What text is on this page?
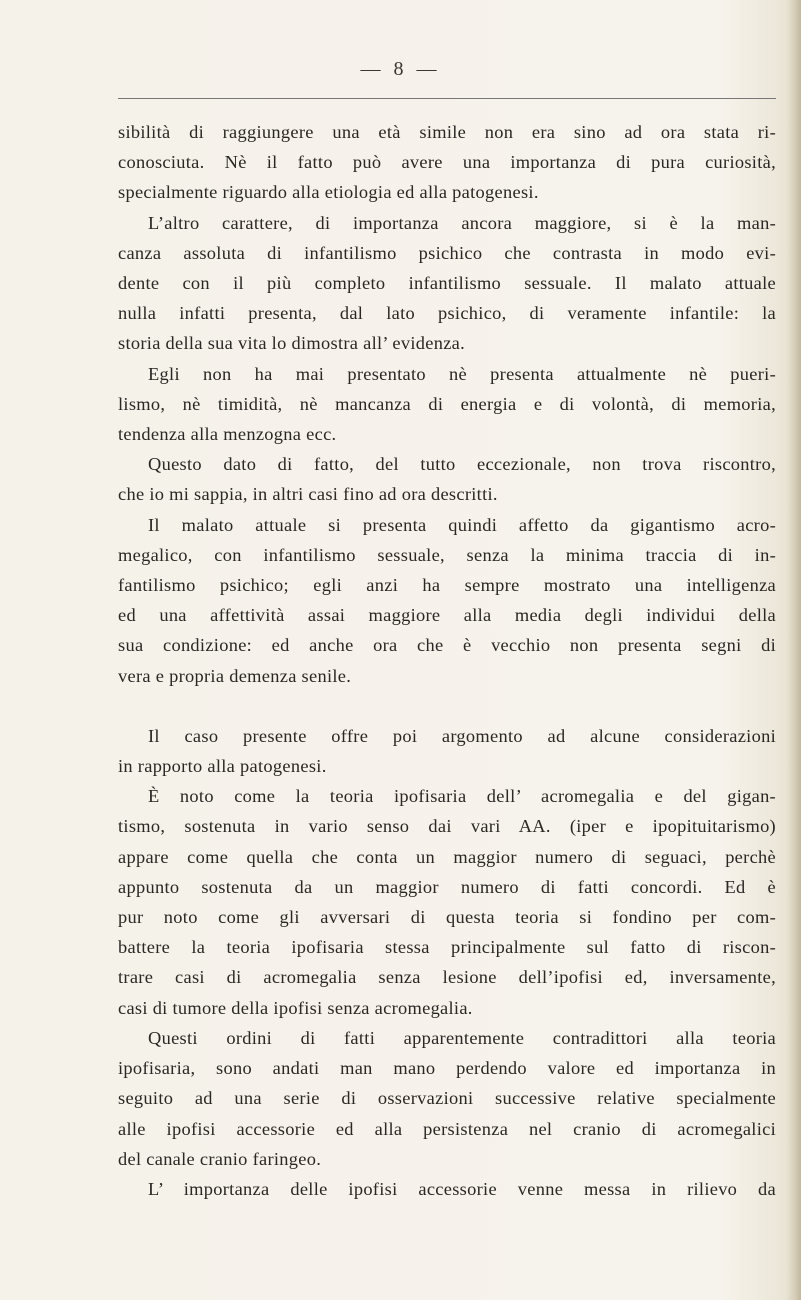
— 8 —

sibilità di raggiungere una età simile non era sino ad ora stata ri-

conosciuta. Nè il fatto può avere una importanza di pura curiosità,

specialmente riguardo alla etiologia ed alla patogenesi.

L’altro carattere, di importanza ancora maggiore, si è la man-

canza assoluta di infantilismo psichico che contrasta in modo evi-

dente con il più completo infantilismo sessuale. Il malato attuale

nulla infatti presenta, dal lato psichico, di veramente infantile: la

storia della sua vita lo dimostra all’ evidenza.

Egli non ha mai presentato nè presenta attualmente nè pueri-

lismo, nè timidità, nè mancanza di energia e di volontà, di memoria,

tendenza alla menzogna ecc.

Questo dato di fatto, del tutto eccezionale, non trova riscontro,

che io mi sappia, in altri casi fino ad ora descritti.

Il malato attuale si presenta quindi affetto da gigantismo acro-

megalico, con infantilismo sessuale, senza la minima traccia di in-

fantilismo psichico; egli anzi ha sempre mostrato una intelligenza

ed una affettività assai maggiore alla media degli individui della

sua condizione: ed anche ora che è vecchio non presenta segni di

vera e propria demenza senile.

Il caso presente offre poi argomento ad alcune considerazioni

in rapporto alla patogenesi.

È noto come la teoria ipofisaria dell’ acromegalia e del gigan-

tismo, sostenuta in vario senso dai vari AA. (iper e ipopituitarismo)

appare come quella che conta un maggior numero di seguaci, perchè

appunto sostenuta da un maggior numero di fatti concordi. Ed è

pur noto come gli avversari di questa teoria si fondino per com-

battere la teoria ipofisaria stessa principalmente sul fatto di riscon-

trare casi di acromegalia senza lesione dell’ipofisi ed, inversamente,

casi di tumore della ipofisi senza acromegalia.

Questi ordini di fatti apparentemente contradittori alla teoria

ipofisaria, sono andati man mano perdendo valore ed importanza in

seguito ad una serie di osservazioni successive relative specialmente

alle ipofisi accessorie ed alla persistenza nel cranio di acromegalici

del canale cranio faringeo.

L’ importanza delle ipofisi accessorie venne messa in rilievo da
